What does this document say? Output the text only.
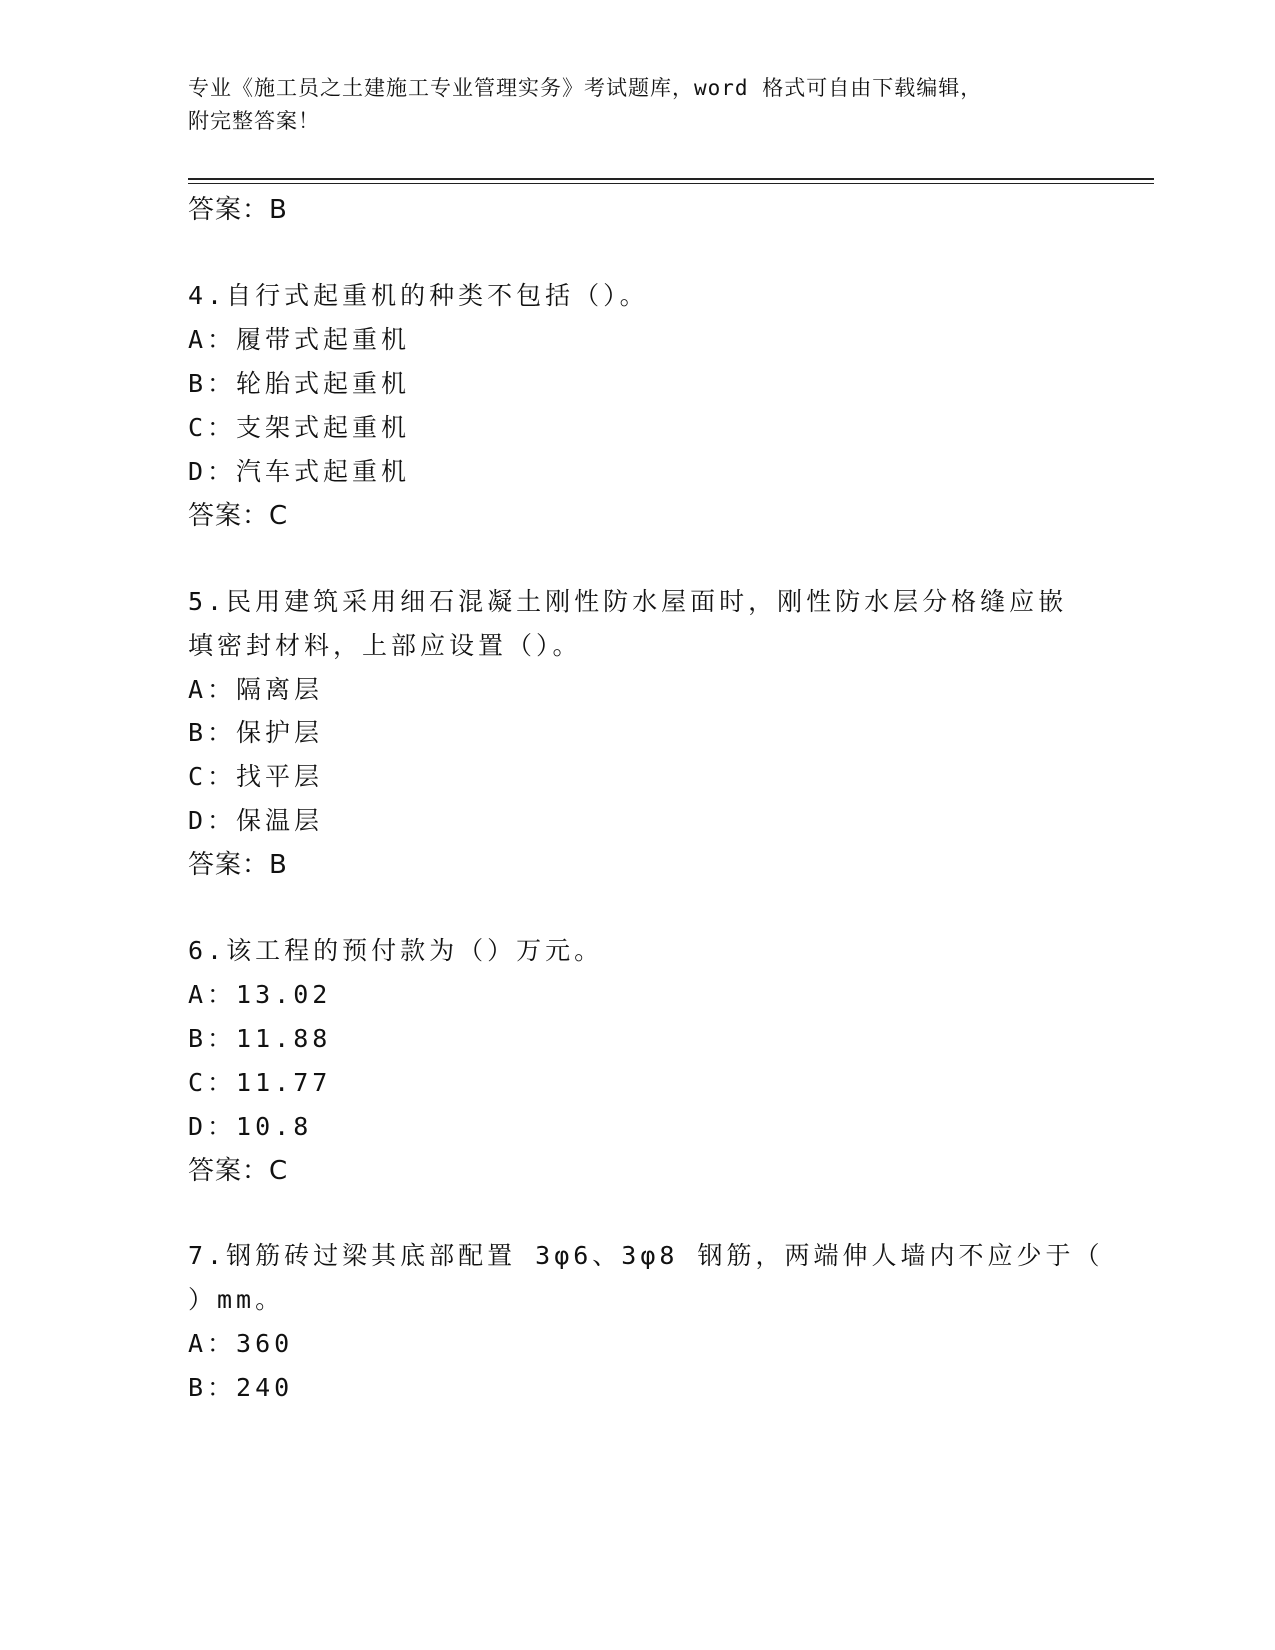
专业《施工员之土建施工专业管理实务》考试题库，word 格式可自由下载编辑，
附完整答案！
答案：B
4.自行式起重机的种类不包括（）。
A：履带式起重机
B：轮胎式起重机
C：支架式起重机
D：汽车式起重机
答案：C
5.民用建筑采用细石混凝土刚性防水屋面时，刚性防水层分格缝应嵌
填密封材料，上部应设置（）。
A：隔离层
B：保护层
C：找平层
D：保温层
答案：B
6.该工程的预付款为（）万元。
A：13.02
B：11.88
C：11.77
D：10.8
答案：C
7.钢筋砖过梁其底部配置 3φ6、3φ8 钢筋，两端伸人墙内不应少于（
）mm。
A：360
B：240
